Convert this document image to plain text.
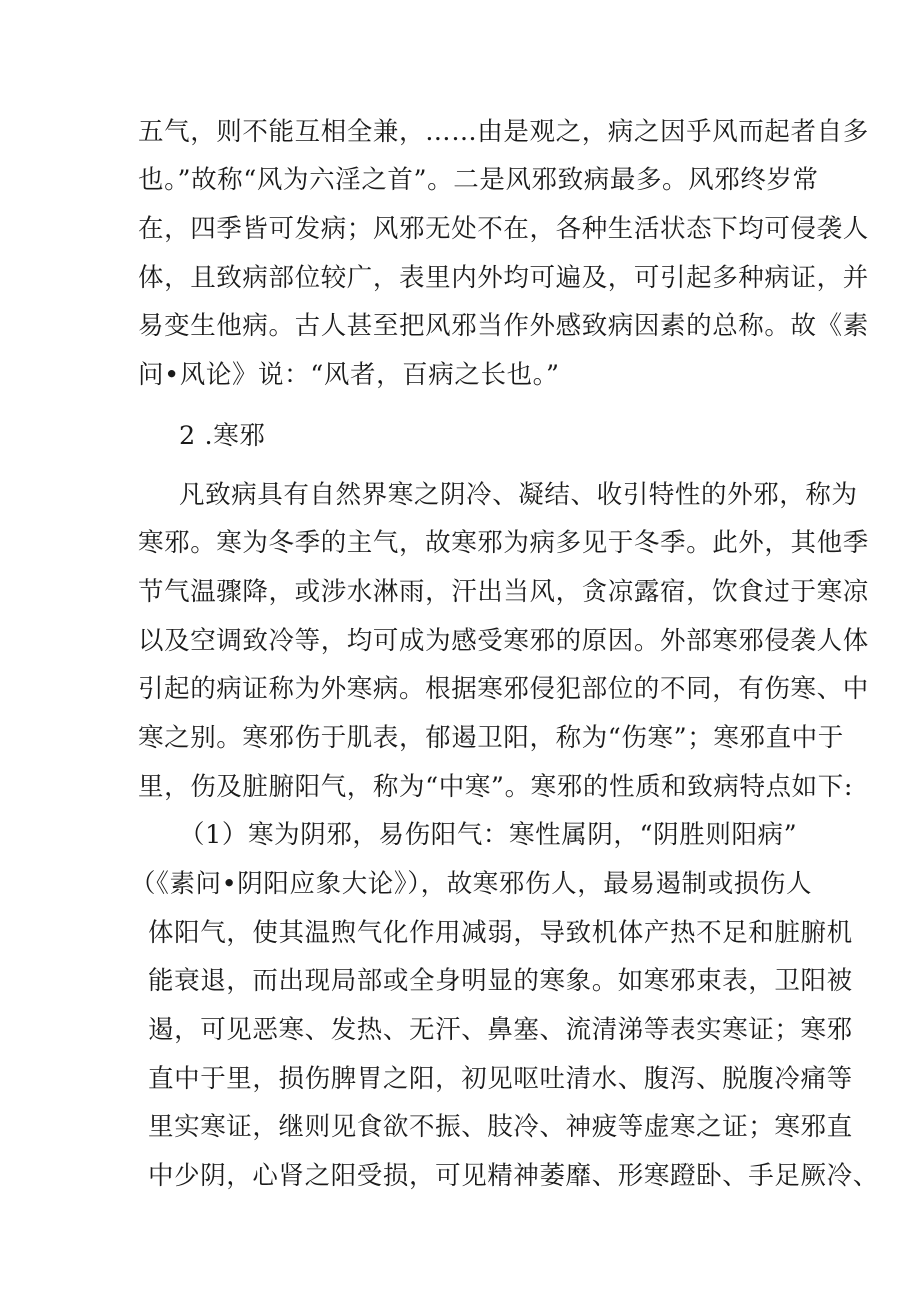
五气，则不能互相全兼，……由是观之，病之因乎风而起者自多
也。”故称“风为六淫之首”。二是风邪致病最多。风邪终岁常
在，四季皆可发病；风邪无处不在，各种生活状态下均可侵袭人
体，且致病部位较广，表里内外均可遍及，可引起多种病证，并
易变生他病。古人甚至把风邪当作外感致病因素的总称。故《素
问•风论》说：“风者，百病之长也。”
2 .寒邪
凡致病具有自然界寒之阴冷、凝结、收引特性的外邪，称为
寒邪。寒为冬季的主气，故寒邪为病多见于冬季。此外，其他季
节气温骤降，或涉水淋雨，汗出当风，贪凉露宿，饮食过于寒凉
以及空调致冷等，均可成为感受寒邪的原因。外部寒邪侵袭人体
引起的病证称为外寒病。根据寒邪侵犯部位的不同，有伤寒、中
寒之别。寒邪伤于肌表，郁遏卫阳，称为“伤寒”；寒邪直中于
里，伤及脏腑阳气，称为“中寒”。寒邪的性质和致病特点如下:
（1）寒为阴邪，易伤阳气：寒性属阴，“阴胜则阳病”
（《素问•阴阳应象大论》），故寒邪伤人，最易遏制或损伤人
体阳气，使其温煦气化作用减弱，导致机体产热不足和脏腑机
能衰退，而出现局部或全身明显的寒象。如寒邪束表，卫阳被
遏，可见恶寒、发热、无汗、鼻塞、流清涕等表实寒证；寒邪
直中于里，损伤脾胃之阳，初见呕吐清水、腹泻、脱腹冷痛等
里实寒证，继则见食欲不振、肢冷、神疲等虚寒之证；寒邪直
中少阴，心肾之阳受损，可见精神萎靡、形寒蹬卧、手足厥冷、
